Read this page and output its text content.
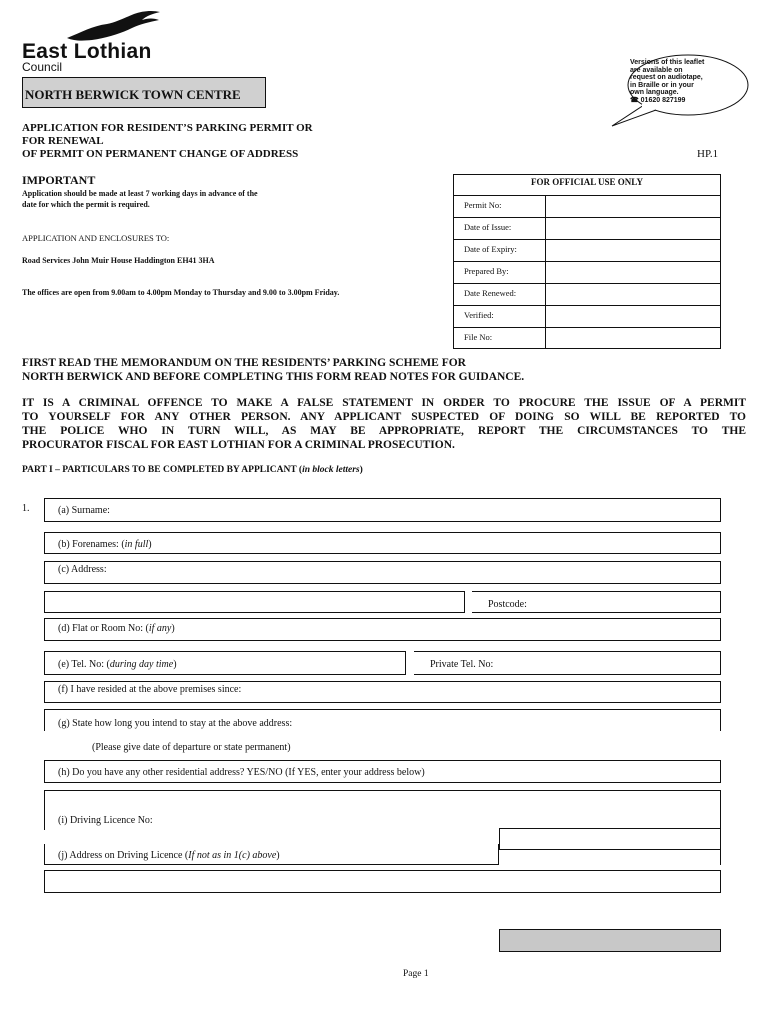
East Lothian
Council
NORTH BERWICK TOWN CENTRE
Versions of this leaflet
are available on
request on audiotape,
in Braille or in your
own language.
☎ 01620 827199
APPLICATION FOR RESIDENT’S PARKING PERMIT OR
FOR RENEWAL
OF PERMIT ON PERMANENT CHANGE OF ADDRESS	HP.1
IMPORTANT
Application should be made at least 7 working days in advance of the
date for which the permit is required.
APPLICATION AND ENCLOSURES TO:
Road Services John Muir House Haddington EH41 3HA
The offices are open from 9.00am to 4.00pm Monday to Thursday and 9.00 to 3.00pm Friday.
FOR OFFICIAL USE ONLY
Permit No:
Date of Issue:
Date of Expiry:
Prepared By:
Date Renewed:
Verified:
File No:
FIRST READ THE MEMORANDUM ON THE RESIDENTS’ PARKING SCHEME FOR
NORTH BERWICK AND BEFORE COMPLETING THIS FORM READ NOTES FOR GUIDANCE.
IT IS A CRIMINAL OFFENCE TO MAKE A FALSE STATEMENT IN ORDER TO PROCURE THE ISSUE OF A PERMIT
TO YOURSELF FOR ANY OTHER PERSON. ANY APPLICANT SUSPECTED OF DOING SO WILL BE REPORTED TO
THE POLICE WHO IN TURN WILL, AS MAY BE APPROPRIATE, REPORT THE CIRCUMSTANCES TO THE
PROCURATOR FISCAL FOR EAST LOTHIAN FOR A CRIMINAL PROSECUTION.
PART I – PARTICULARS TO BE COMPLETED BY APPLICANT (in block letters)
1.	(a) Surname:
(b) Forenames: (in full)
(c) Address:
Postcode:
(d) Flat or Room No: (if any)
(e) Tel. No: (during day time)	Private Tel. No:
(f) I have resided at the above premises since:
(g) State how long you intend to stay at the above address:
(Please give date of departure or state permanent)
(h) Do you have any other residential address? YES/NO (If YES, enter your address below)
(i) Driving Licence No:
(j) Address on Driving Licence (If not as in 1(c) above)
Page 1
